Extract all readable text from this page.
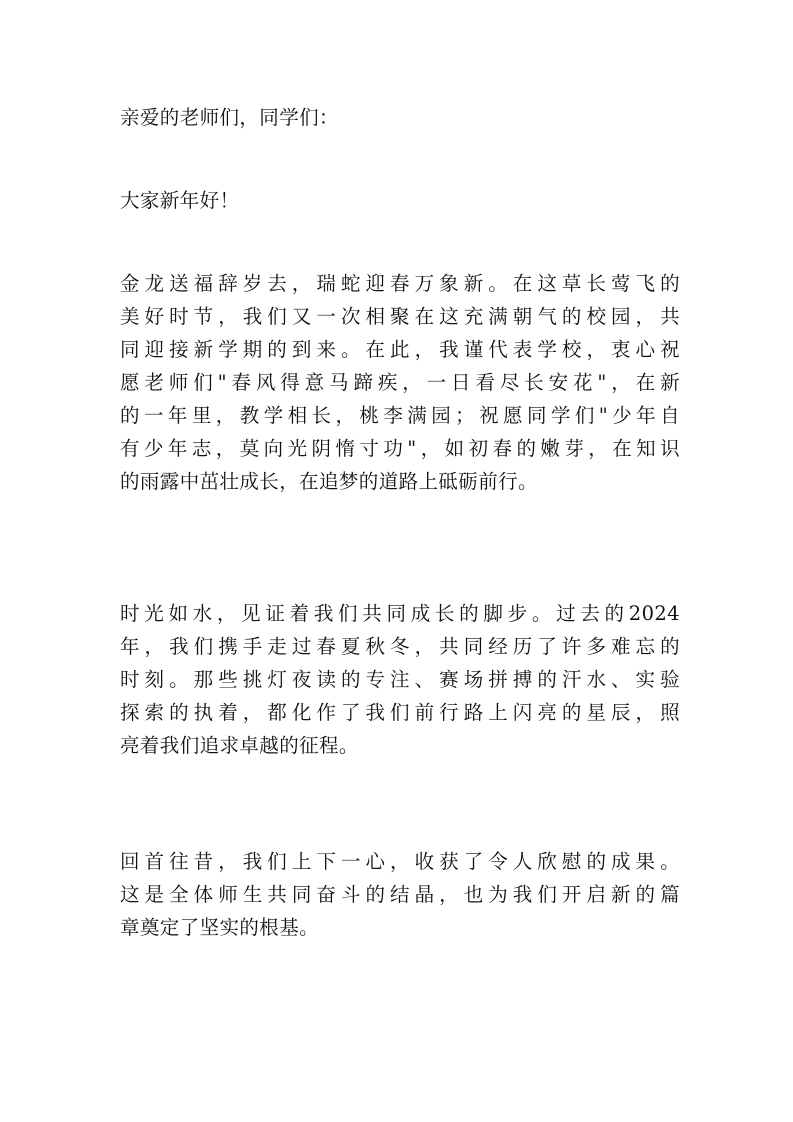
亲爱的老师们，同学们：
大家新年好！
金龙送福辞岁去，瑞蛇迎春万象新。在这草长莺飞的
美好时节，我们又一次相聚在这充满朝气的校园，共
同迎接新学期的到来。在此，我谨代表学校，衷心祝
愿老师们"春风得意马蹄疾，一日看尽长安花"，在新
的一年里，教学相长，桃李满园；祝愿同学们"少年自
有少年志，莫向光阴惰寸功"，如初春的嫩芽，在知识
的雨露中茁壮成长，在追梦的道路上砥砺前行。
时光如水，见证着我们共同成长的脚步。过去的2024
年，我们携手走过春夏秋冬，共同经历了许多难忘的
时刻。那些挑灯夜读的专注、赛场拼搏的汗水、实验
探索的执着，都化作了我们前行路上闪亮的星辰，照
亮着我们追求卓越的征程。
回首往昔，我们上下一心，收获了令人欣慰的成果。
这是全体师生共同奋斗的结晶，也为我们开启新的篇
章奠定了坚实的根基。
